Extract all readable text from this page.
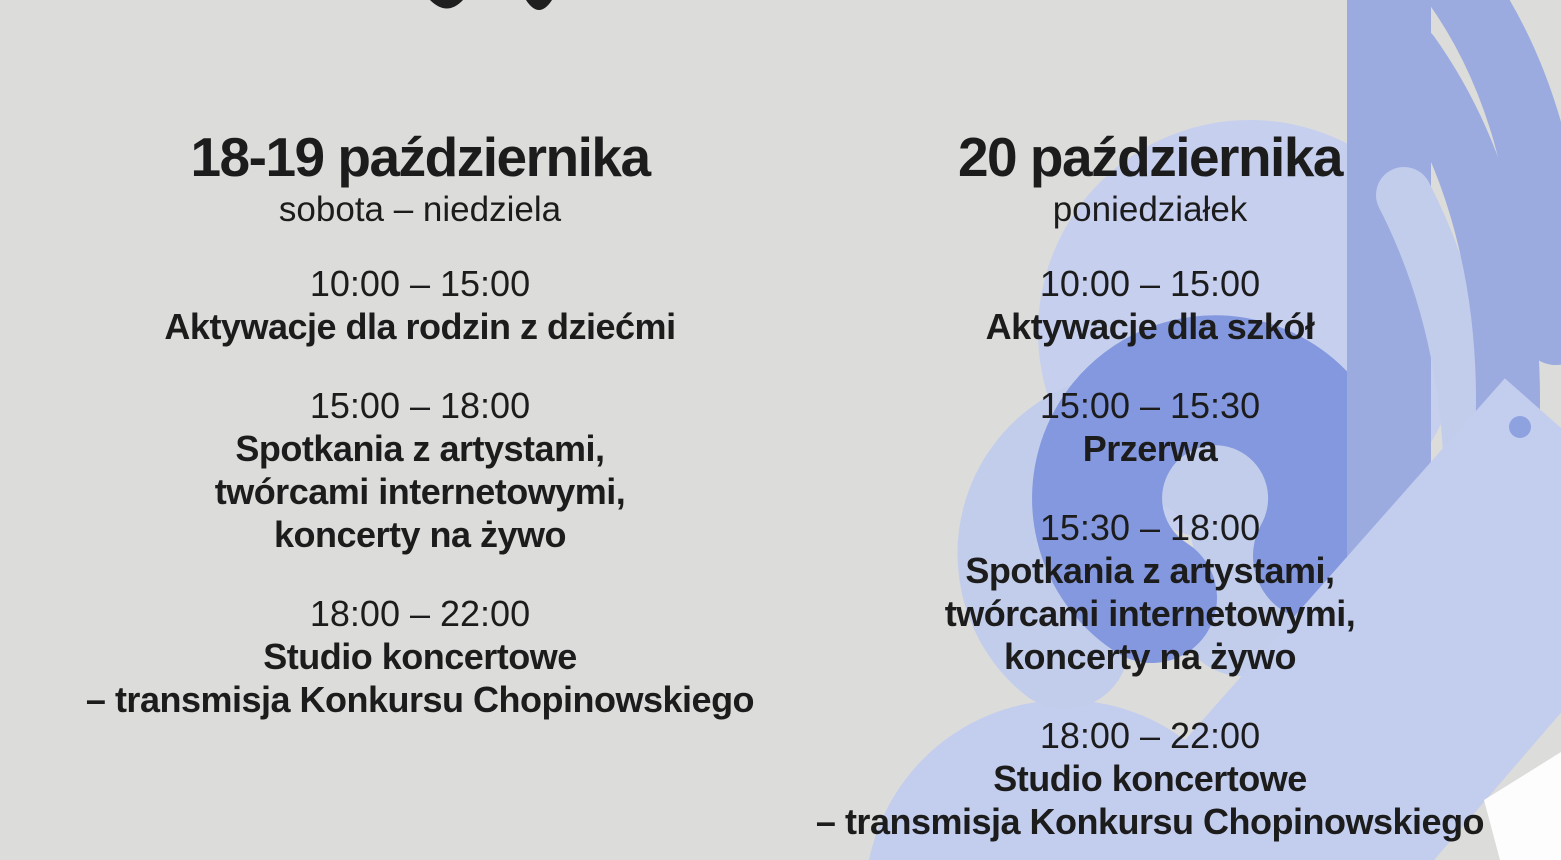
18-19 października
sobota – niedziela
10:00 – 15:00
Aktywacje dla rodzin z dziećmi
15:00 – 18:00
Spotkania z artystami,
twórcami internetowymi,
koncerty na żywo
18:00 – 22:00
Studio koncertowe
– transmisja Konkursu Chopinowskiego
20 października
poniedziałek
10:00 – 15:00
Aktywacje dla szkół
15:00 – 15:30
Przerwa
15:30 – 18:00
Spotkania z artystami,
twórcami internetowymi,
koncerty na żywo
18:00 – 22:00
Studio koncertowe
– transmisja Konkursu Chopinowskiego
